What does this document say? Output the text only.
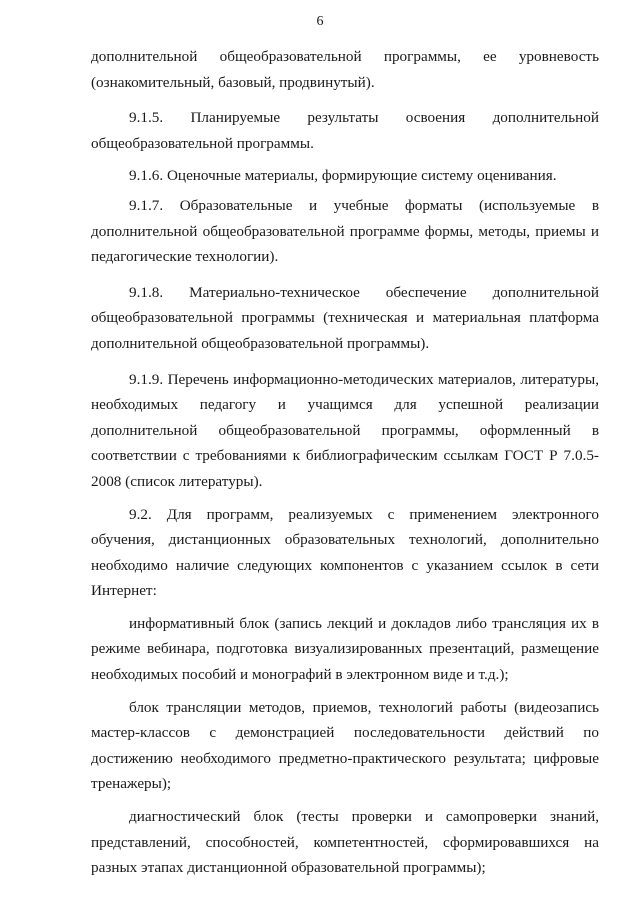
6

дополнительной общеобразовательной программы, ее уровневость (ознакомительный, базовый, продвинутый).

9.1.5. Планируемые результаты освоения дополнительной общеобразовательной программы.

9.1.6. Оценочные материалы, формирующие систему оценивания.

9.1.7. Образовательные и учебные форматы (используемые в дополнительной общеобразовательной программе формы, методы, приемы и педагогические технологии).

9.1.8. Материально-техническое обеспечение дополнительной общеобразовательной программы (техническая и материальная платформа дополнительной общеобразовательной программы).

9.1.9. Перечень информационно-методических материалов, литературы, необходимых педагогу и учащимся для успешной реализации дополнительной общеобразовательной программы, оформленный в соответствии с требованиями к библиографическим ссылкам ГОСТ Р 7.0.5-2008 (список литературы).

9.2. Для программ, реализуемых с применением электронного обучения, дистанционных образовательных технологий, дополнительно необходимо наличие следующих компонентов с указанием ссылок в сети Интернет:

информативный блок (запись лекций и докладов либо трансляция их в режиме вебинара, подготовка визуализированных презентаций, размещение необходимых пособий и монографий в электронном виде и т.д.);

блок трансляции методов, приемов, технологий работы (видеозапись мастер-классов с демонстрацией последовательности действий по достижению необходимого предметно-практического результата; цифровые тренажеры);

диагностический блок (тесты проверки и самопроверки знаний, представлений, способностей, компетентностей, сформировавшихся на разных этапах дистанционной образовательной программы);
